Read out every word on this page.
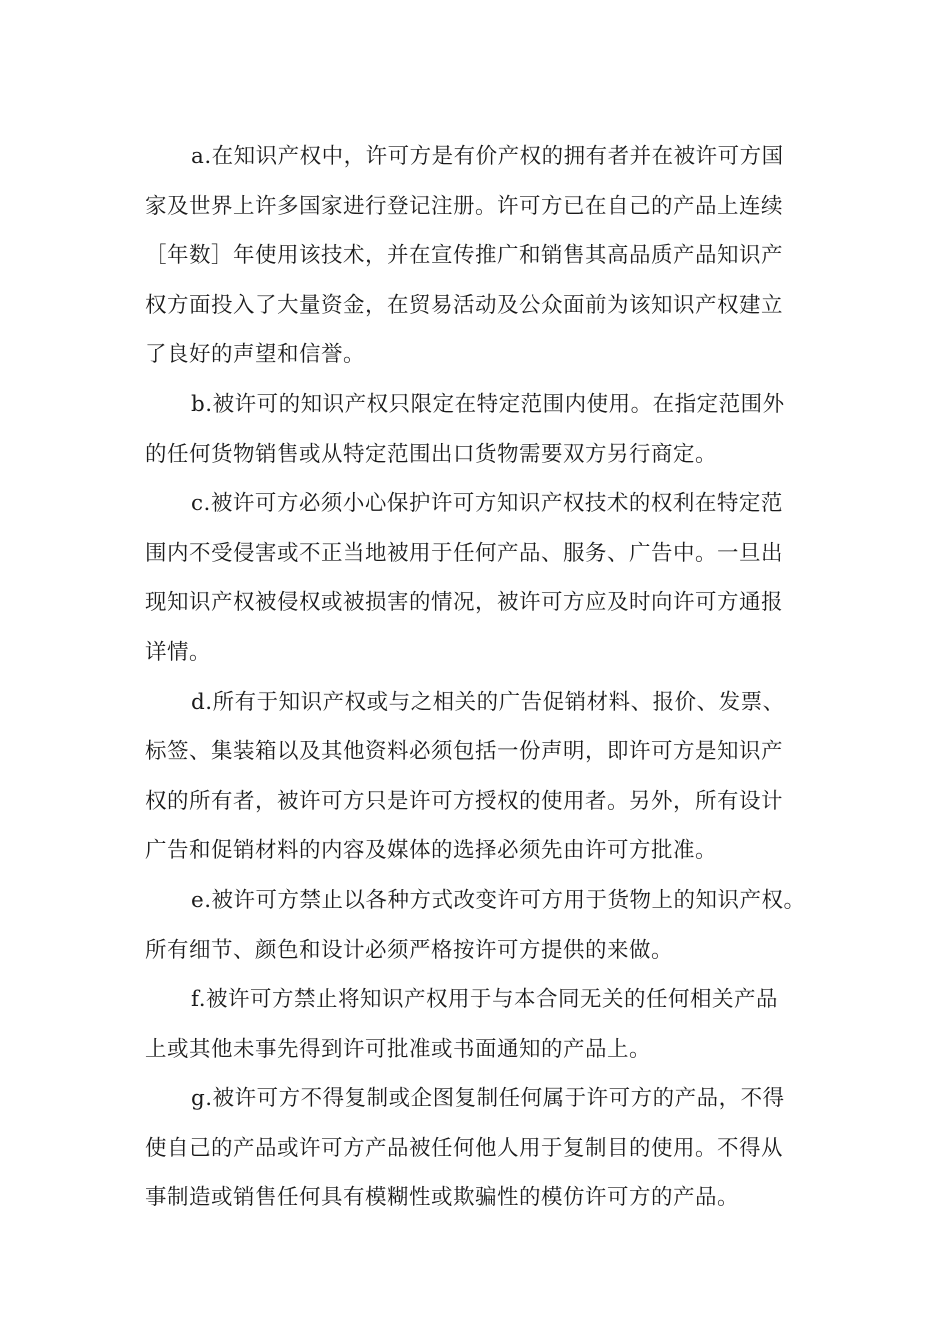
a.在知识产权中，许可方是有价产权的拥有者并在被许可方国
家及世界上许多国家进行登记注册。许可方已在自己的产品上连续
［年数］年使用该技术，并在宣传推广和销售其高品质产品知识产
权方面投入了大量资金，在贸易活动及公众面前为该知识产权建立
了良好的声望和信誉。

b.被许可的知识产权只限定在特定范围内使用。在指定范围外
的任何货物销售或从特定范围出口货物需要双方另行商定。

c.被许可方必须小心保护许可方知识产权技术的权利在特定范
围内不受侵害或不正当地被用于任何产品、服务、广告中。一旦出
现知识产权被侵权或被损害的情况，被许可方应及时向许可方通报
详情。

d.所有于知识产权或与之相关的广告促销材料、报价、发票、
标签、集装箱以及其他资料必须包括一份声明，即许可方是知识产
权的所有者，被许可方只是许可方授权的使用者。另外，所有设计
广告和促销材料的内容及媒体的选择必须先由许可方批准。

e.被许可方禁止以各种方式改变许可方用于货物上的知识产权。
所有细节、颜色和设计必须严格按许可方提供的来做。

f.被许可方禁止将知识产权用于与本合同无关的任何相关产品
上或其他未事先得到许可批准或书面通知的产品上。

g.被许可方不得复制或企图复制任何属于许可方的产品，不得
使自己的产品或许可方产品被任何他人用于复制目的使用。不得从
事制造或销售任何具有模糊性或欺骗性的模仿许可方的产品。
